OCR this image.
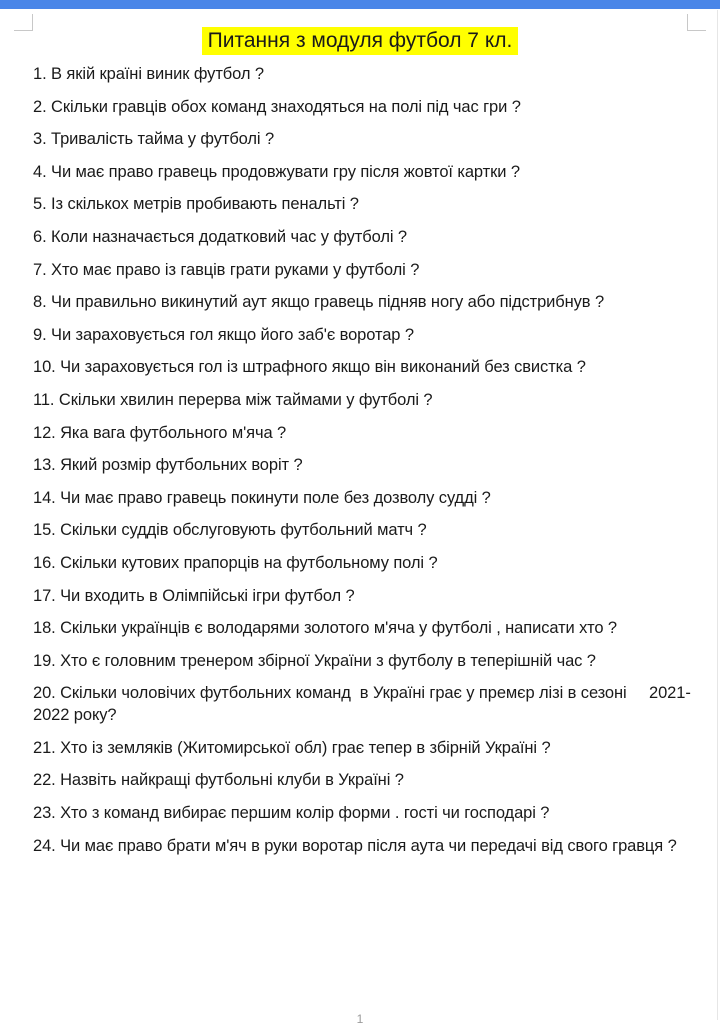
Питання з модуля футбол 7 кл.
1. В якій країні виник футбол ?
2. Скільки гравців обох команд знаходяться на полі під час гри ?
3. Тривалість тайма у футболі ?
4. Чи має право гравець продовжувати гру після жовтої картки ?
5. Із скількох метрів пробивають пенальті ?
6. Коли назначається додатковий час у футболі ?
7. Хто має право із гавців грати руками у футболі ?
8. Чи правильно викинутий аут якщо гравець підняв ногу або підстрибнув ?
9. Чи зараховується гол якщо його заб'є воротар ?
10. Чи зараховується гол із штрафного якщо він виконаний без свистка ?
11. Скільки хвилин перерва між таймами у футболі ?
12. Яка вага футбольного м'яча ?
13. Який розмір футбольних воріт ?
14. Чи має право гравець покинути поле без дозволу судді ?
15. Скільки суддів обслуговують футбольний матч ?
16. Скільки кутових прапорців на футбольному полі ?
17. Чи входить в Олімпійські ігри футбол ?
18. Скільки українців є володарями золотого м'яча у футболі , написати хто ?
19. Хто є головним тренером збірної України з футболу в теперішній час ?
20. Скільки чоловічих футбольних команд  в Україні грає у премєр лізі в сезоні     2021-2022 року?
21. Хто із земляків (Житомирської обл) грає тепер в збірній Україні ?
22. Назвіть найкращі футбольні клуби в Україні ?
23. Хто з команд вибирає першим колір форми . гості чи господарі ?
24. Чи має право брати м'яч в руки воротар після аута чи передачі від свого гравця ?
1
